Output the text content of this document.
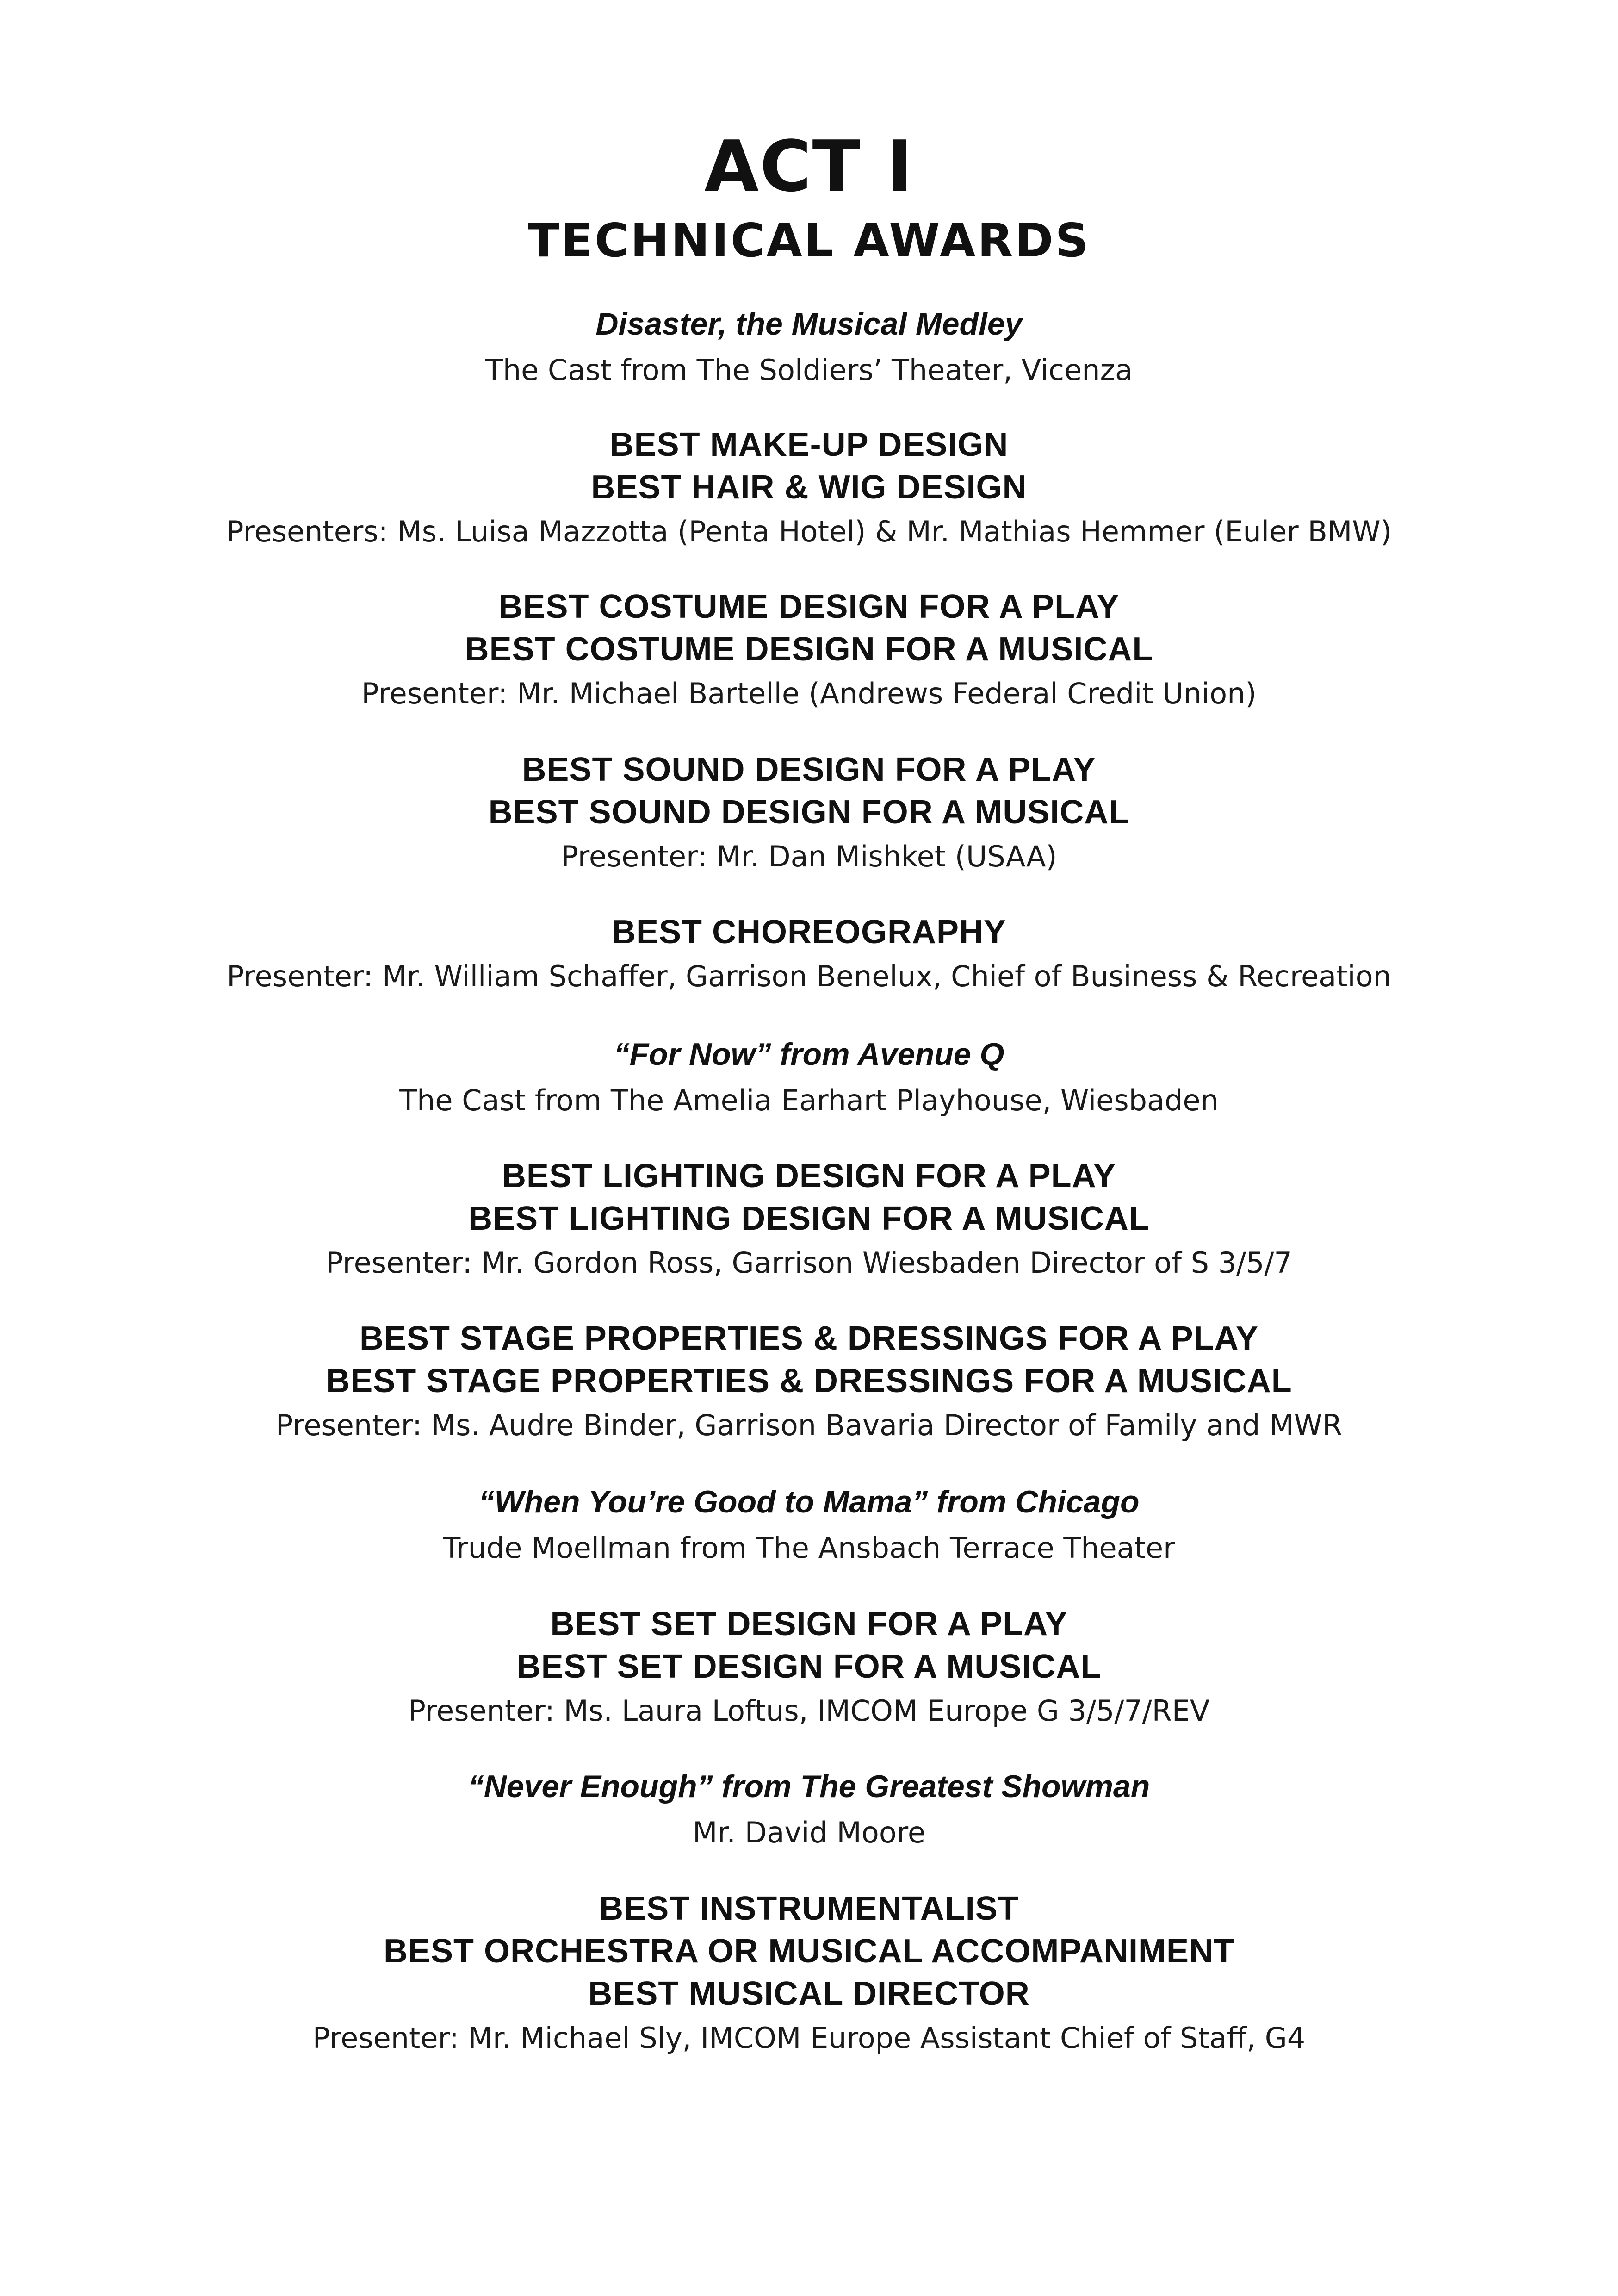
ACT I
TECHNICAL AWARDS
Disaster, the Musical Medley
The Cast from The Soldiers’ Theater, Vicenza
BEST MAKE-UP DESIGN
BEST HAIR & WIG DESIGN
Presenters: Ms. Luisa Mazzotta (Penta Hotel) & Mr. Mathias Hemmer (Euler BMW)
BEST COSTUME DESIGN FOR A PLAY
BEST COSTUME DESIGN FOR A MUSICAL
Presenter: Mr. Michael Bartelle (Andrews Federal Credit Union)
BEST SOUND DESIGN FOR A PLAY
BEST SOUND DESIGN FOR A MUSICAL
Presenter: Mr. Dan Mishket (USAA)
BEST CHOREOGRAPHY
Presenter: Mr. William Schaffer, Garrison Benelux, Chief of Business & Recreation
“For Now” from Avenue Q
The Cast from The Amelia Earhart Playhouse, Wiesbaden
BEST LIGHTING DESIGN FOR A PLAY
BEST LIGHTING DESIGN FOR A MUSICAL
Presenter: Mr. Gordon Ross, Garrison Wiesbaden Director of S 3/5/7
BEST STAGE PROPERTIES & DRESSINGS FOR A PLAY
BEST STAGE PROPERTIES & DRESSINGS FOR A MUSICAL
Presenter: Ms. Audre Binder, Garrison Bavaria Director of Family and MWR
“When You’re Good to Mama” from Chicago
Trude Moellman from The Ansbach Terrace Theater
BEST SET DESIGN FOR A PLAY
BEST SET DESIGN FOR A MUSICAL
Presenter: Ms. Laura Loftus, IMCOM Europe G 3/5/7/REV
“Never Enough” from The Greatest Showman
Mr. David Moore
BEST INSTRUMENTALIST
BEST ORCHESTRA OR MUSICAL ACCOMPANIMENT
BEST MUSICAL DIRECTOR
Presenter: Mr. Michael Sly, IMCOM Europe Assistant Chief of Staff, G4
